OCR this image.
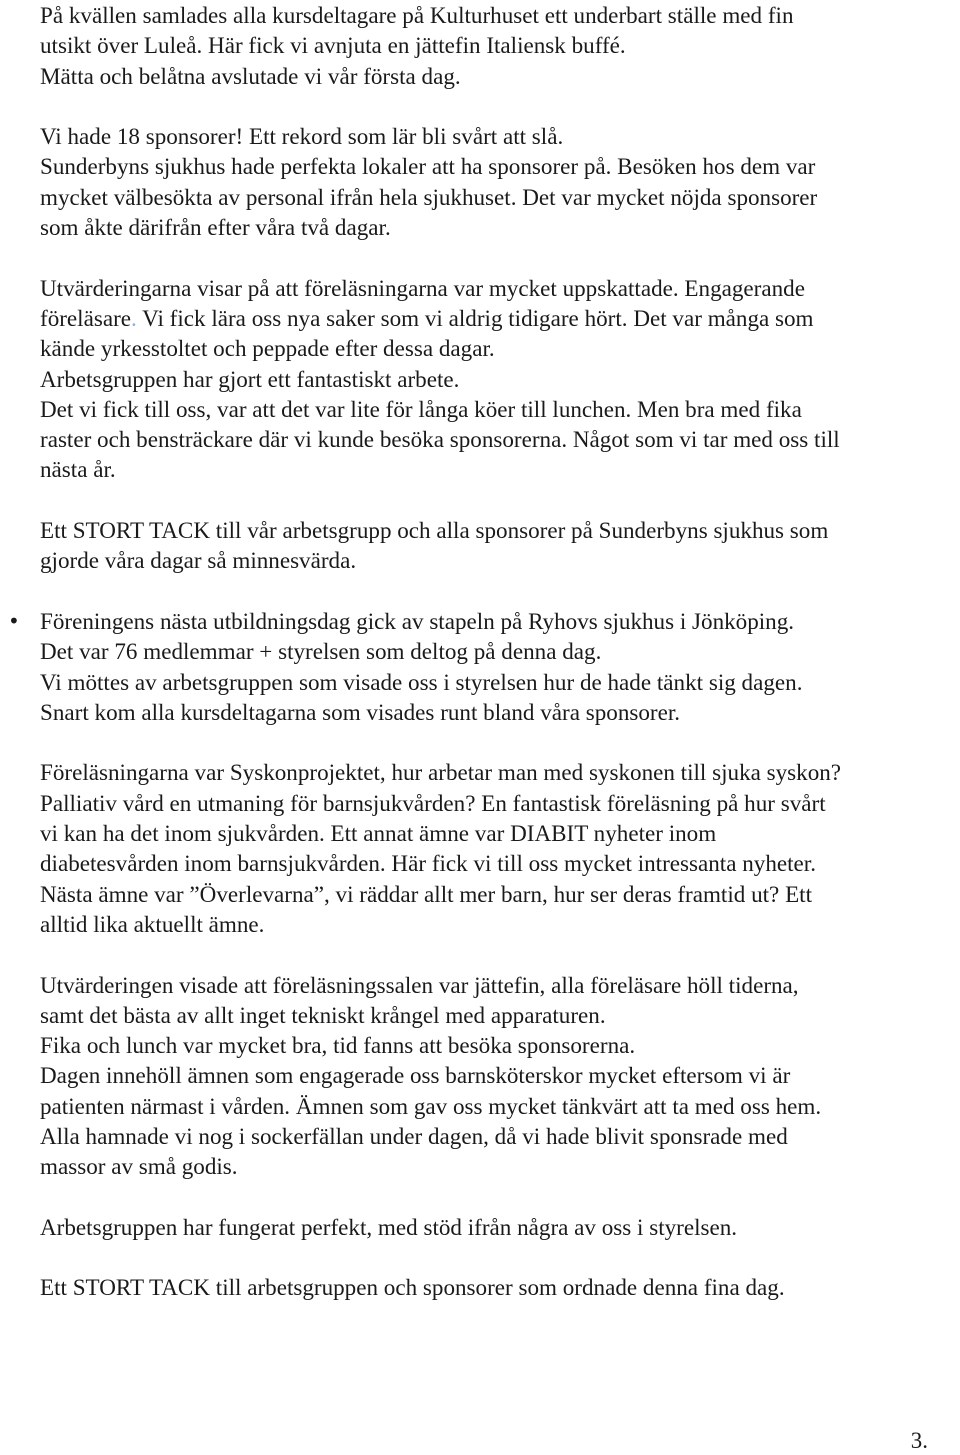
På kvällen samlades alla kursdeltagare på Kulturhuset ett underbart ställe med fin
utsikt över Luleå. Här fick vi avnjuta en jättefin Italiensk buffé.
Mätta och belåtna avslutade vi vår första dag.
Vi hade 18 sponsorer! Ett rekord som lär bli svårt att slå.
Sunderbyns sjukhus hade perfekta lokaler att ha sponsorer på. Besöken hos dem var
mycket välbesökta av personal ifrån hela sjukhuset. Det var mycket nöjda sponsorer
som åkte därifrån efter våra två dagar.
Utvärderingarna visar på att föreläsningarna var mycket uppskattade. Engagerande
föreläsare. Vi fick lära oss nya saker som vi aldrig tidigare hört. Det var många som
kände yrkesstoltet och peppade efter dessa dagar.
Arbetsgruppen har gjort ett fantastiskt arbete.
Det vi fick till oss, var att det var lite för långa köer till lunchen. Men bra med fika
raster och bensträckare där vi kunde besöka sponsorerna. Något som vi tar med oss till
nästa år.
Ett STORT TACK till vår arbetsgrupp och alla sponsorer på Sunderbyns sjukhus som
gjorde våra dagar så minnesvärda.
• Föreningens nästa utbildningsdag gick av stapeln på Ryhovs sjukhus i Jönköping.
Det var 76 medlemmar + styrelsen som deltog på denna dag.
Vi möttes av arbetsgruppen som visade oss i styrelsen hur de hade tänkt sig dagen.
Snart kom alla kursdeltagarna som visades runt bland våra sponsorer.
Föreläsningarna var Syskonprojektet, hur arbetar man med syskonen till sjuka syskon?
Palliativ vård en utmaning för barnsjukvården? En fantastisk föreläsning på hur svårt
vi kan ha det inom sjukvården. Ett annat ämne var DIABIT nyheter inom
diabetesvården inom barnsjukvården. Här fick vi till oss mycket intressanta nyheter.
Nästa ämne var ”Överlevarna”, vi räddar allt mer barn, hur ser deras framtid ut? Ett
alltid lika aktuellt ämne.
Utvärderingen visade att föreläsningssalen var jättefin, alla föreläsare höll tiderna,
samt det bästa av allt inget tekniskt krångel med apparaturen.
Fika och lunch var mycket bra, tid fanns att besöka sponsorerna.
Dagen innehöll ämnen som engagerade oss barnsköterskor mycket eftersom vi är
patienten närmast i vården. Ämnen som gav oss mycket tänkvärt att ta med oss hem.
Alla hamnade vi nog i sockerfällan under dagen, då vi hade blivit sponsrade med
massor av små godis.
Arbetsgruppen har fungerat perfekt, med stöd ifrån några av oss i styrelsen.
Ett STORT TACK till arbetsgruppen och sponsorer som ordnade denna fina dag.
3.
